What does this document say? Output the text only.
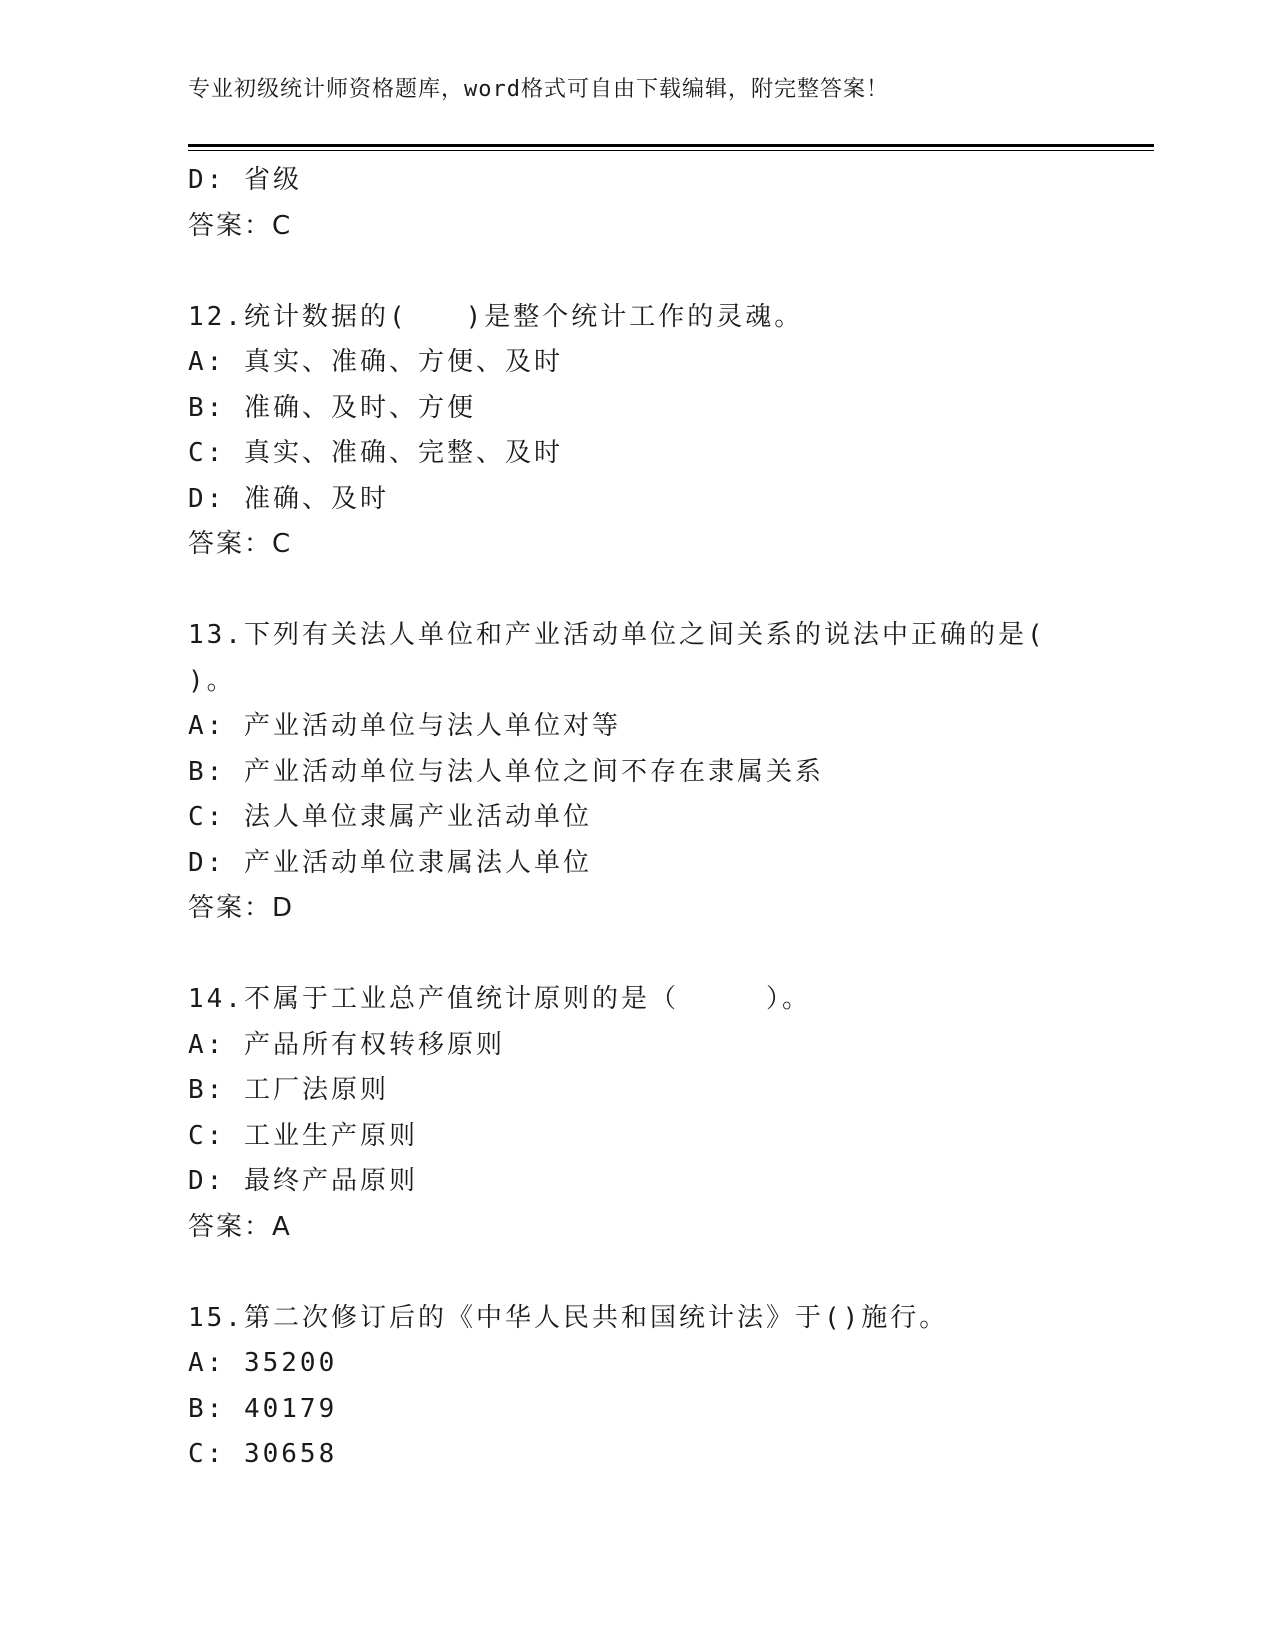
专业初级统计师资格题库，word格式可自由下载编辑，附完整答案！
D: 省级
答案：C
12.统计数据的(　　)是整个统计工作的灵魂。
A: 真实、准确、方便、及时
B: 准确、及时、方便
C: 真实、准确、完整、及时
D: 准确、及时
答案：C
13.下列有关法人单位和产业活动单位之间关系的说法中正确的是(
)。
A: 产业活动单位与法人单位对等
B: 产业活动单位与法人单位之间不存在隶属关系
C: 法人单位隶属产业活动单位
D: 产业活动单位隶属法人单位
答案：D
14.不属于工业总产值统计原则的是（　　　）。
A: 产品所有权转移原则
B: 工厂法原则
C: 工业生产原则
D: 最终产品原则
答案：A
15.第二次修订后的《中华人民共和国统计法》于()施行。
A: 35200
B: 40179
C: 30658
